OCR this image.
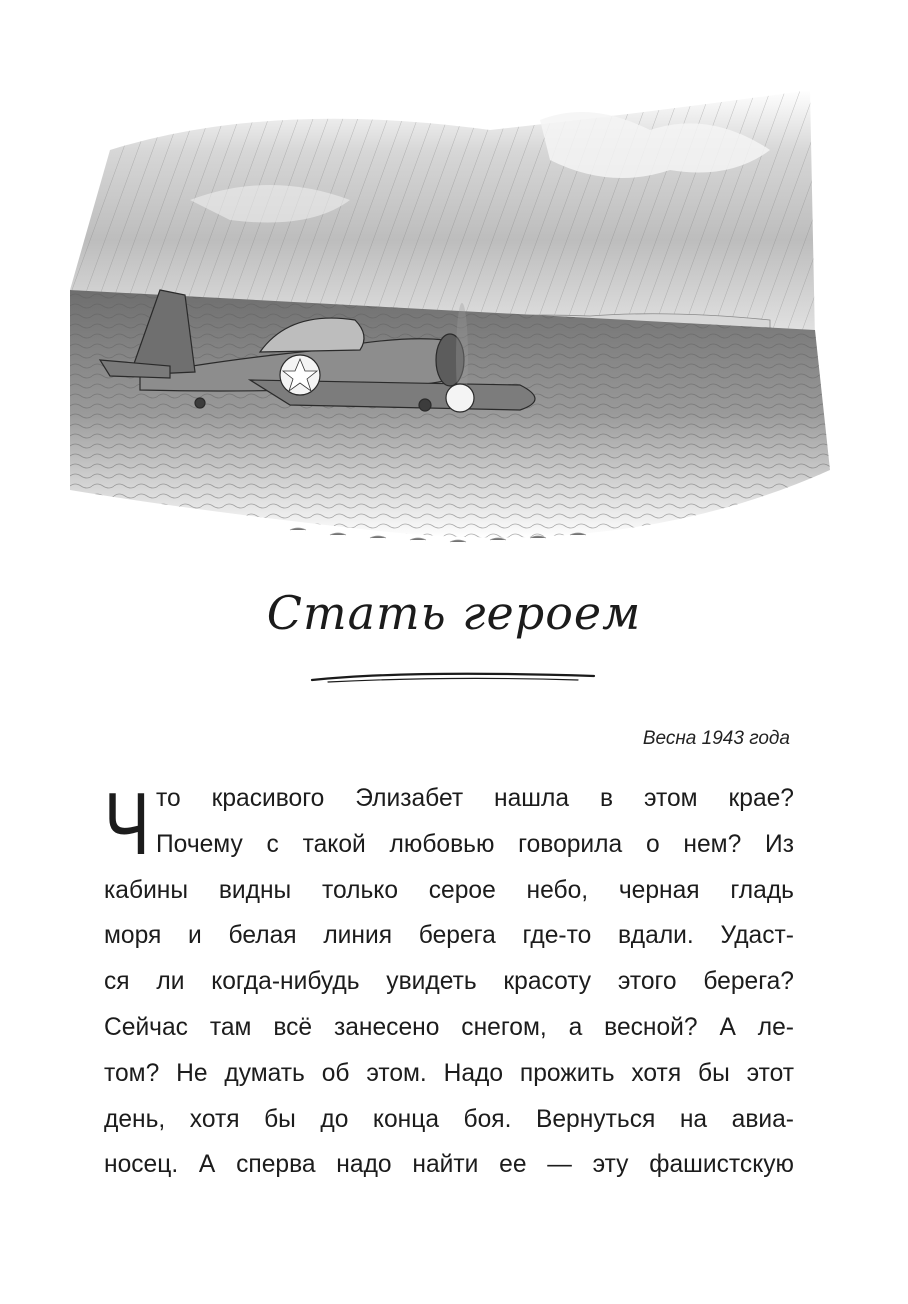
Стать героем
Весна 1943 года
Ч то красивого Элизабет нашла в этом крае?
Почему с такой любовью говорила о нем? Из
кабины видны только серое небо, черная гладь
моря и белая линия берега где-то вдали. Удаст-
ся ли когда-нибудь увидеть красоту этого берега?
Сейчас там всё занесено снегом, а весной? А ле-
том? Не думать об этом. Надо прожить хотя бы этот
день, хотя бы до конца боя. Вернуться на авиа-
носец. А сперва надо найти ее — эту фашистскую
